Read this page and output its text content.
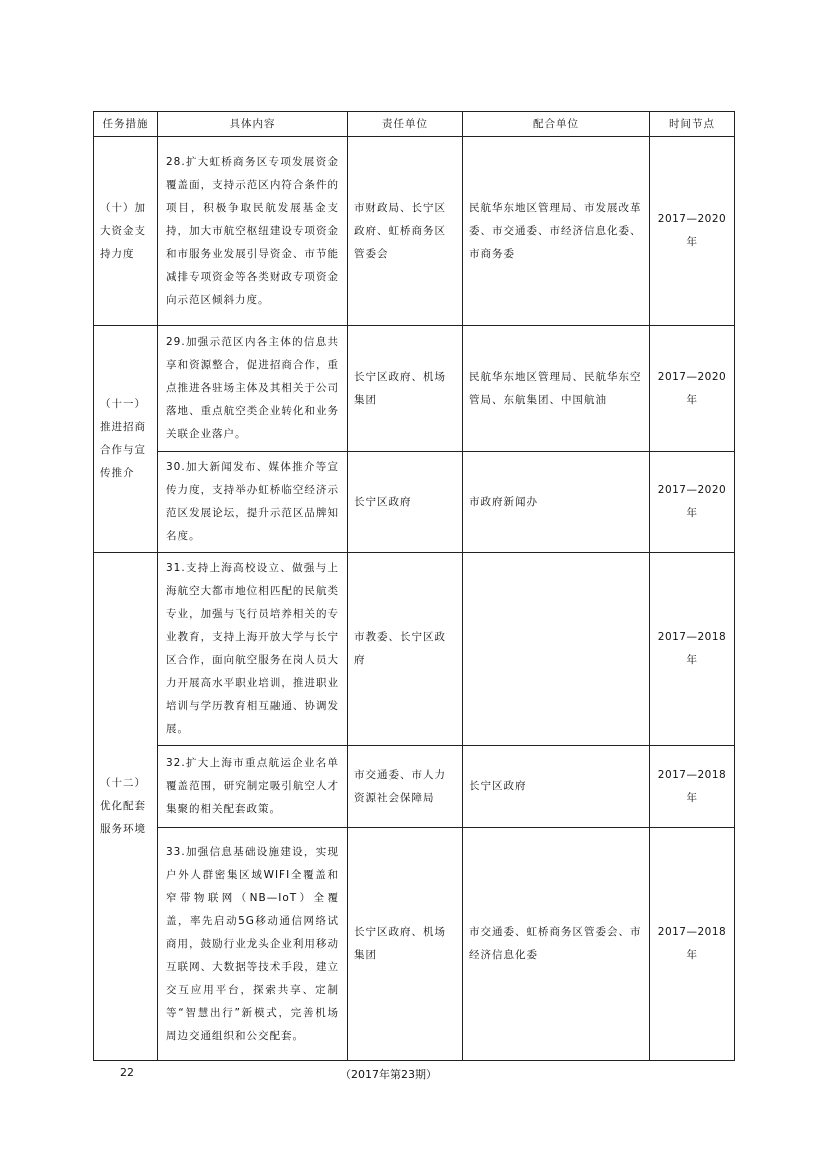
任务措施	具体内容	责任单位	配合单位	时间节点
（十）加大资金支持力度	28.扩大虹桥商务区专项发展资金覆盖面，支持示范区内符合条件的项目，积极争取民航发展基金支持，加大市航空枢纽建设专项资金和市服务业发展引导资金、市节能减排专项资金等各类财政专项资金向示范区倾斜力度。	市财政局、长宁区政府、虹桥商务区管委会	民航华东地区管理局、市发展改革委、市交通委、市经济信息化委、市商务委	2017—2020年
（十一）推进招商合作与宣传推介	29.加强示范区内各主体的信息共享和资源整合，促进招商合作，重点推进各驻场主体及其相关于公司落地、重点航空类企业转化和业务关联企业落户。	长宁区政府、机场集团	民航华东地区管理局、民航华东空管局、东航集团、中国航油	2017—2020年
	30.加大新闻发布、媒体推介等宣传力度，支持举办虹桥临空经济示范区发展论坛，提升示范区品牌知名度。	长宁区政府	市政府新闻办	2017—2020年
（十二）优化配套服务环境	31.支持上海高校设立、做强与上海航空大都市地位相匹配的民航类专业，加强与飞行员培养相关的专业教育，支持上海开放大学与长宁区合作，面向航空服务在岗人员大力开展高水平职业培训，推进职业培训与学历教育相互融通、协调发展。	市教委、长宁区政府		2017—2018年
	32.扩大上海市重点航运企业名单覆盖范围，研究制定吸引航空人才集聚的相关配套政策。	市交通委、市人力资源社会保障局	长宁区政府	2017—2018年
	33.加强信息基础设施建设，实现户外人群密集区域WIFI全覆盖和窄带物联网（NB—IoT）全覆盖，率先启动5G移动通信网络试商用，鼓励行业龙头企业利用移动互联网、大数据等技术手段，建立交互应用平台，探索共享、定制等“智慧出行”新模式，完善机场周边交通组织和公交配套。	长宁区政府、机场集团	市交通委、虹桥商务区管委会、市经济信息化委	2017—2018年
22	（2017年第23期）
